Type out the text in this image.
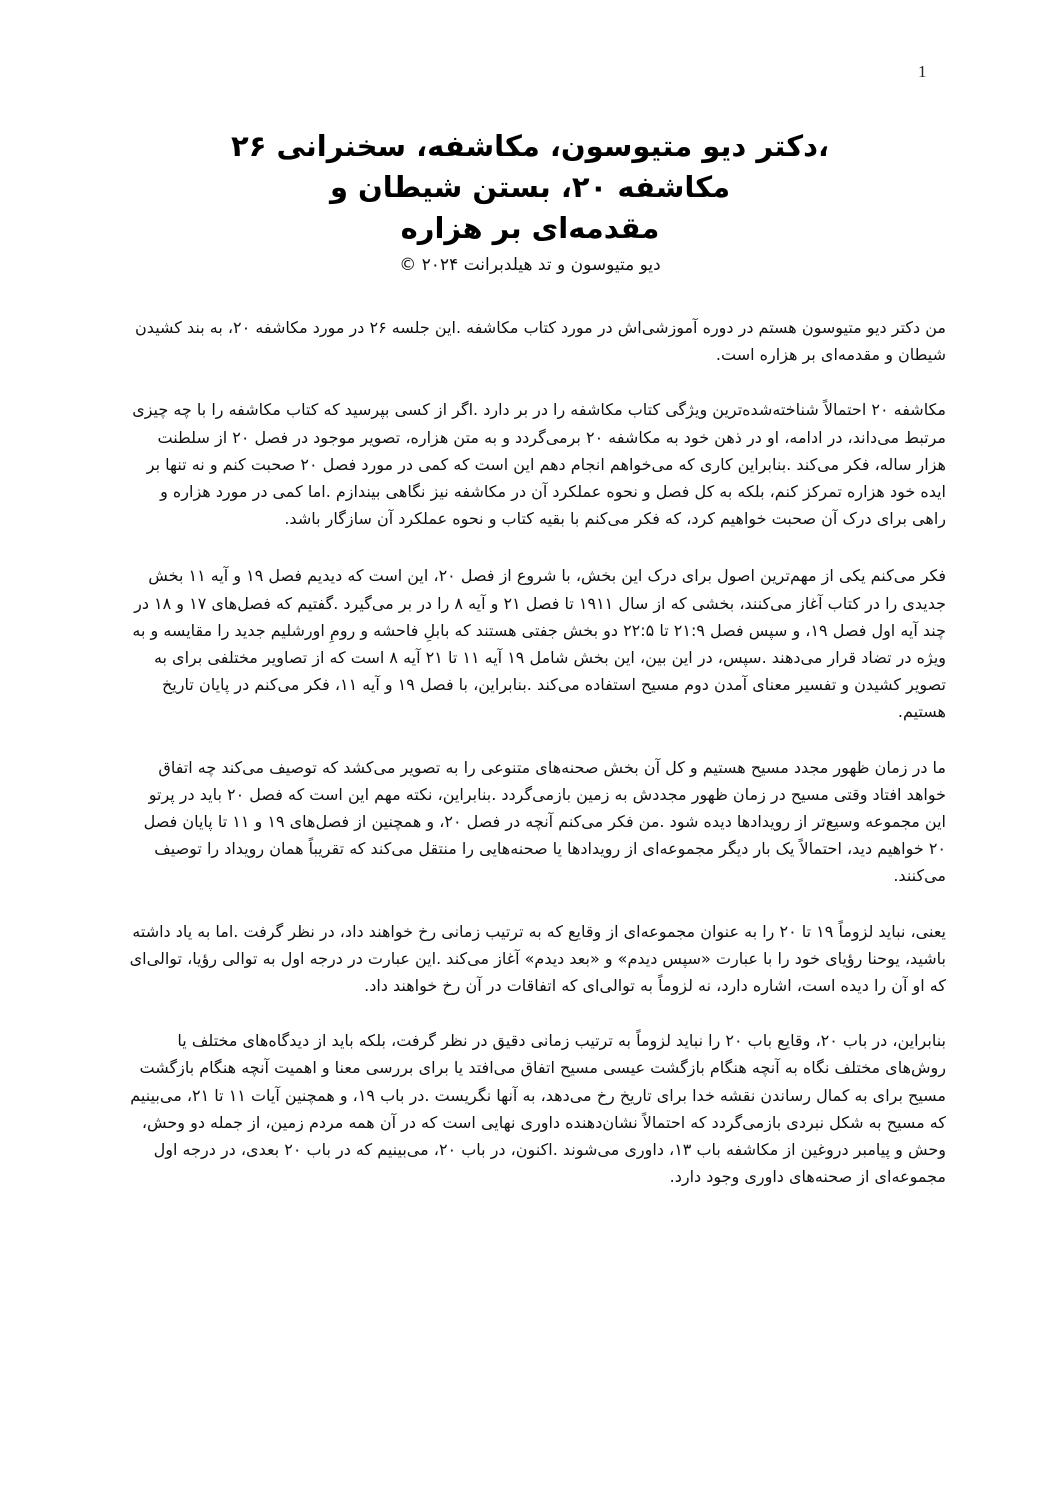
1
،دکتر دیو متیوسون، مکاشفه، سخنرانی ۲۶
مکاشفه ۲۰، بستن شیطان و
مقدمه‌ای بر هزاره
دیو متیوسون و تد هیلدبرانت ۲۰۲۴ ©

من دکتر دیو متیوسون هستم در دوره آموزشی‌اش در مورد کتاب مکاشفه .این جلسه ۲۶ در مورد مکاشفه ۲۰، به بند کشیدن شیطان و مقدمه‌ای بر هزاره است.

مکاشفه ۲۰ احتمالاً شناخته‌شده‌ترین ویژگی کتاب مکاشفه را در بر دارد .اگر از کسی بپرسید که کتاب مکاشفه را با چه چیزی مرتبط می‌داند، در ادامه، او در ذهن خود به مکاشفه ۲۰ برمی‌گردد و به متن هزاره، تصویر موجود در فصل ۲۰ از سلطنت هزار ساله، فکر می‌کند .بنابراین کاری که می‌خواهم انجام دهم این است که کمی در مورد فصل ۲۰ صحبت کنم و نه تنها بر ایده خود هزاره تمرکز کنم، بلکه به کل فصل و نحوه عملکرد آن در مکاشفه نیز نگاهی بیندازم .اما کمی در مورد هزاره و راهی برای درک آن صحبت خواهیم کرد، که فکر می‌کنم با بقیه کتاب و نحوه عملکرد آن سازگار باشد.

فکر می‌کنم یکی از مهم‌ترین اصول برای درک این بخش، با شروع از فصل ۲۰، این است که دیدیم فصل ۱۹ و آیه ۱۱ بخش جدیدی را در کتاب آغاز می‌کنند، بخشی که از سال ۱۹۱۱ تا فصل ۲۱ و آیه ۸ را در بر می‌گیرد .گفتیم که فصل‌های ۱۷ و ۱۸ در چند آیه اول فصل ۱۹، و سپس فصل ۲۱:۹ تا ۲۲:۵ دو بخش جفتی هستند که بابلِ فاحشه و رومِ اورشلیم جدید را مقایسه و به ویژه در تضاد قرار می‌دهند .سپس، در این بین، این بخش شامل ۱۹ آیه ۱۱ تا ۲۱ آیه ۸ است که از تصاویر مختلفی برای به تصویر کشیدن و تفسیر معنای آمدن دوم مسیح استفاده می‌کند .بنابراین، با فصل ۱۹ و آیه ۱۱، فکر می‌کنم در پایان تاریخ هستیم.

ما در زمان ظهور مجدد مسیح هستیم و کل آن بخش صحنه‌های متنوعی را به تصویر می‌کشد که توصیف می‌کند چه اتفاق خواهد افتاد وقتی مسیح در زمان ظهور مجددش به زمین بازمی‌گردد .بنابراین، نکته مهم این است که فصل ۲۰ باید در پرتو این مجموعه وسیع‌تر از رویدادها دیده شود .من فکر می‌کنم آنچه در فصل ۲۰، و همچنین از فصل‌های ۱۹ و ۱۱ تا پایان فصل ۲۰ خواهیم دید، احتمالاً یک بار دیگر مجموعه‌ای از رویدادها یا صحنه‌هایی را منتقل می‌کند که تقریباً همان رویداد را توصیف می‌کنند.

یعنی، نباید لزوماً ۱۹ تا ۲۰ را به عنوان مجموعه‌ای از وقایع که به ترتیب زمانی رخ خواهند داد، در نظر گرفت .اما به یاد داشته باشید، یوحنا رؤیای خود را با عبارت «سپس دیدم» و «بعد دیدم» آغاز می‌کند .این عبارت در درجه اول به توالی رؤیا، توالی‌ای که او آن را دیده است، اشاره دارد، نه لزوماً به توالی‌ای که اتفاقات در آن رخ خواهند داد.

بنابراین، در باب ۲۰، وقایع باب ۲۰ را نباید لزوماً به ترتیب زمانی دقیق در نظر گرفت، بلکه باید از دیدگاه‌های مختلف یا روش‌های مختلف نگاه به آنچه هنگام بازگشت عیسی مسیح اتفاق می‌افتد یا برای بررسی معنا و اهمیت آنچه هنگام بازگشت مسیح برای به کمال رساندن نقشه خدا برای تاریخ رخ می‌دهد، به آنها نگریست .در باب ۱۹، و همچنین آیات ۱۱ تا ۲۱، می‌بینیم که مسیح به شکل نبردی بازمی‌گردد که احتمالاً نشان‌دهنده داوری نهایی است که در آن همه مردم زمین، از جمله دو وحش، وحش و پیامبر دروغین از مکاشفه باب ۱۳، داوری می‌شوند .اکنون، در باب ۲۰، می‌بینیم که در باب ۲۰ بعدی، در درجه اول مجموعه‌ای از صحنه‌های داوری وجود دارد.
